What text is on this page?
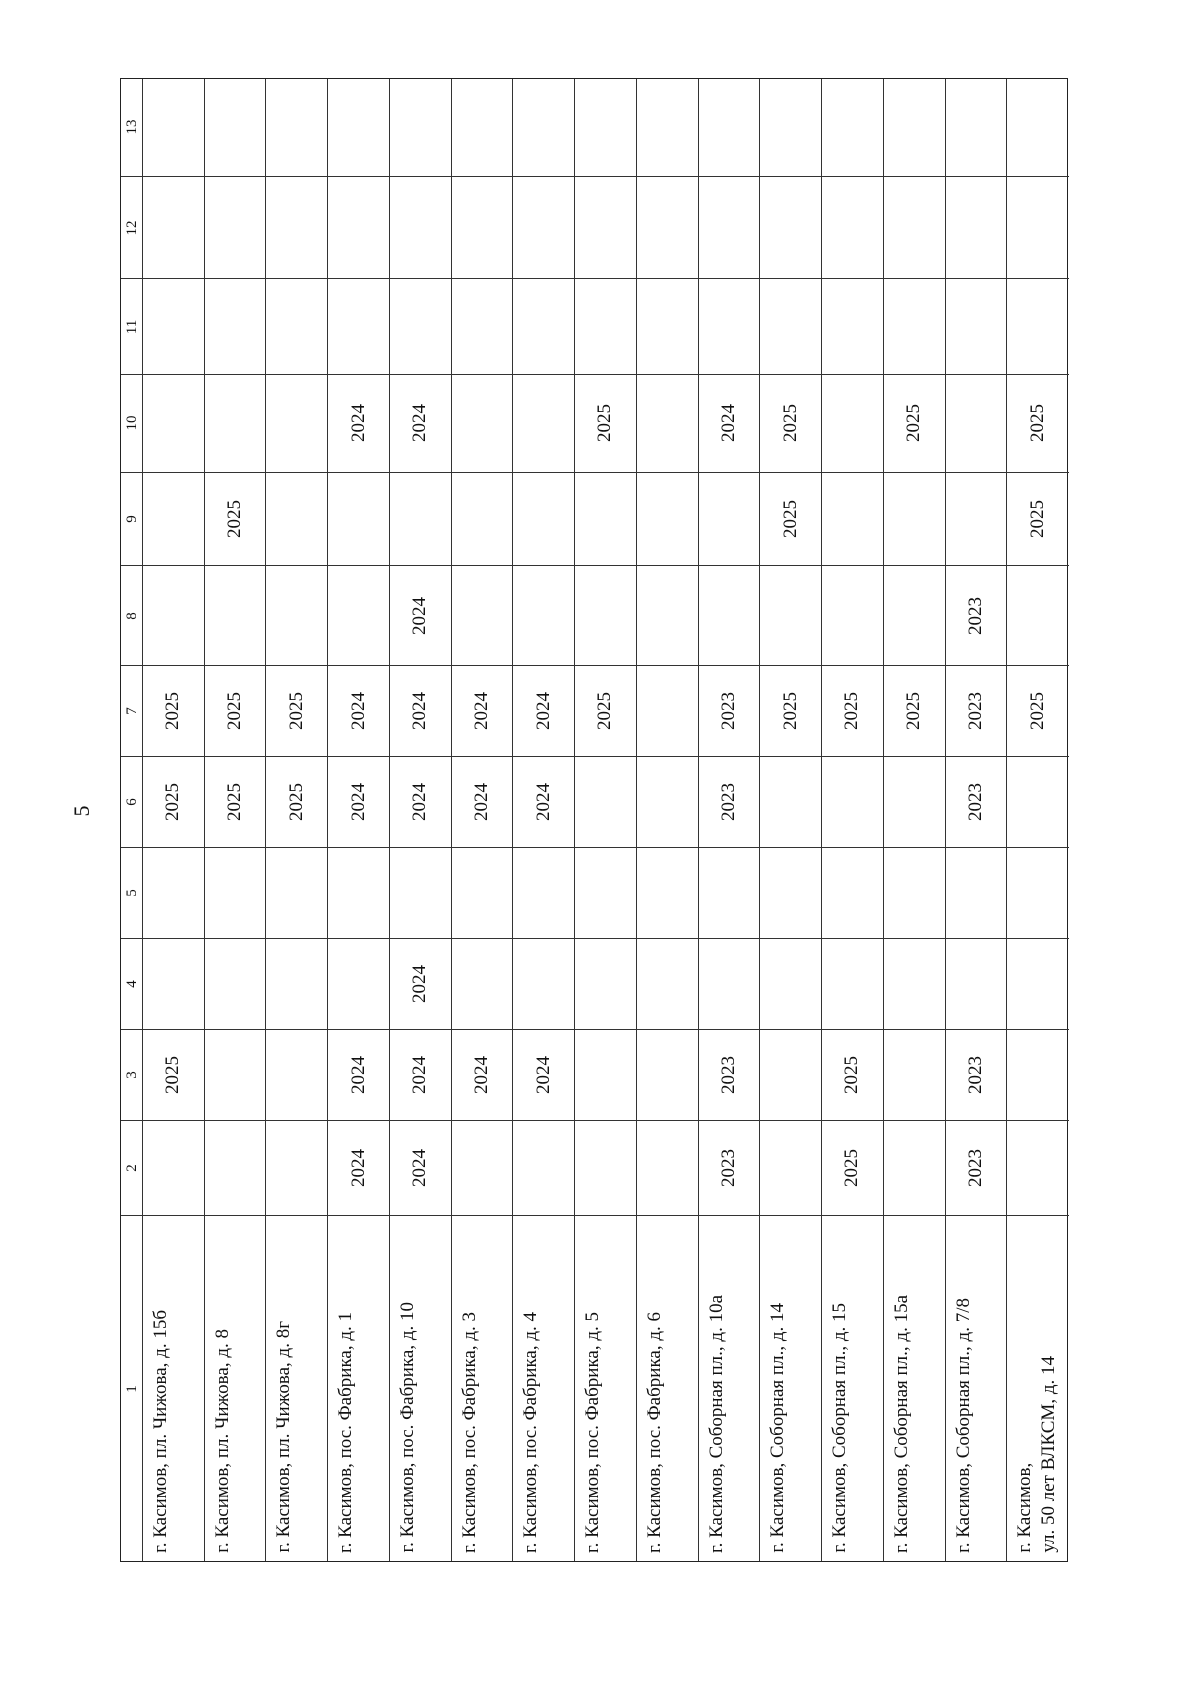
5
13
12
11
10
9
8
7
6
5
4
3
2
1
2025
2025
2025
г. Касимов, пл. Чижова, д. 15б
2025
2025
2025
г. Касимов, пл. Чижова, д. 8
2025
2025
г. Касимов, пл. Чижова, д. 8г
2024
2024
2024
2024
2024
г. Касимов, пос. Фабрика, д. 1
2024
2024
2024
2024
2024
2024
2024
г. Касимов, пос. Фабрика, д. 10
2024
2024
2024
г. Касимов, пос. Фабрика, д. 3
2024
2024
2024
г. Касимов, пос. Фабрика, д. 4
2025
2025
г. Касимов, пос. Фабрика, д. 5 г. Касимов, пос. Фабрика, д. 6
2024
2023
2023
2023
2023
г. Касимов, Соборная пл., д. 10а
2025
2025
2025
г. Касимов, Соборная пл., д. 14
2025
2025
2025
г. Касимов, Соборная пл., д. 15
2025
2025
г. Касимов, Соборная пл., д. 15а
2023
2023
2023
2023
2023
г. Касимов, Соборная пл., д. 7/8
2025
2025
2025
г. Касимов, ул. 50 лет ВЛКСМ, д. 14
